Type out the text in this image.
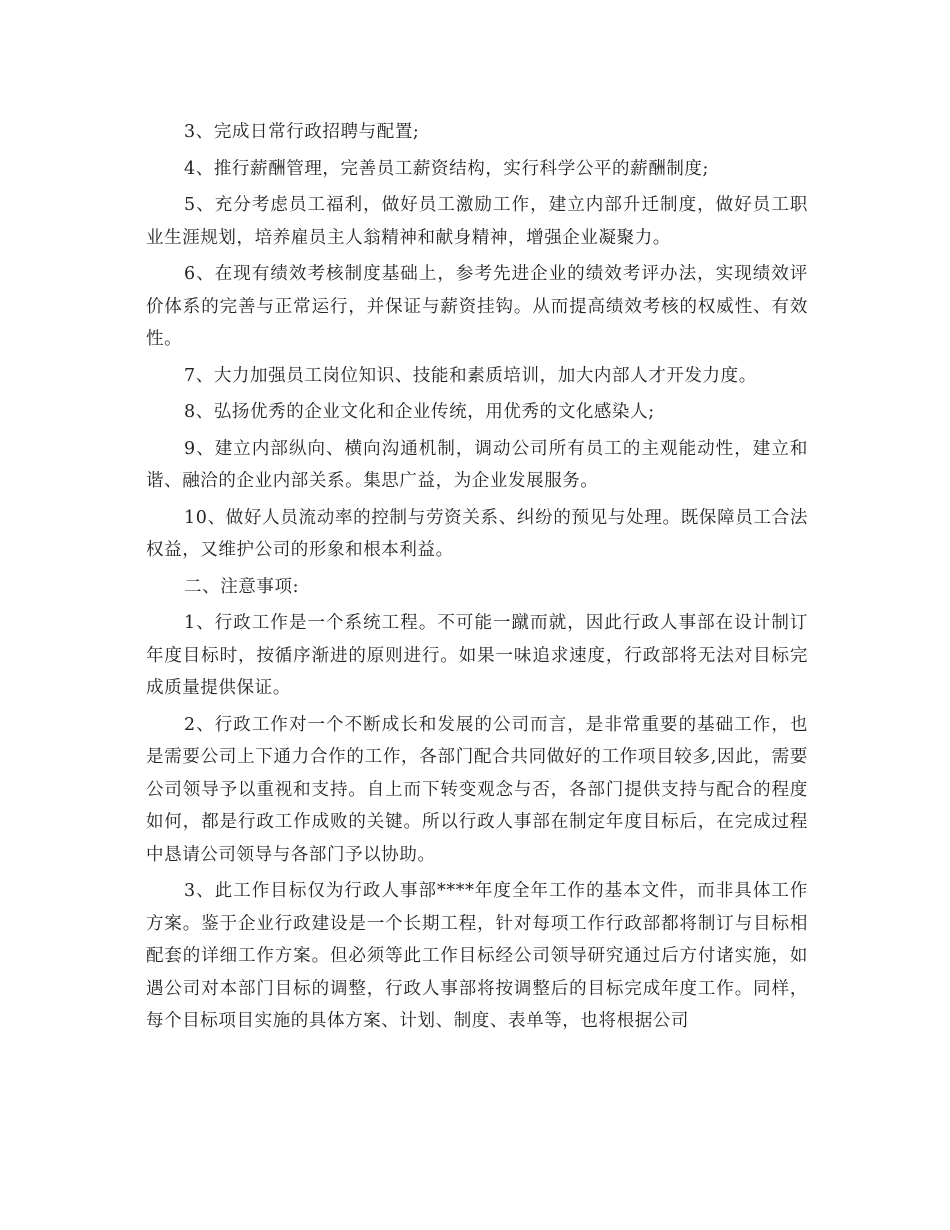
3、完成日常行政招聘与配置;

4、推行薪酬管理，完善员工薪资结构，实行科学公平的薪酬制度;

5、充分考虑员工福利，做好员工激励工作，建立内部升迁制度，做好员工职业生涯规划，培养雇员主人翁精神和献身精神，增强企业凝聚力。

6、在现有绩效考核制度基础上，参考先进企业的绩效考评办法，实现绩效评价体系的完善与正常运行，并保证与薪资挂钩。从而提高绩效考核的权威性、有效性。

7、大力加强员工岗位知识、技能和素质培训，加大内部人才开发力度。

8、弘扬优秀的企业文化和企业传统，用优秀的文化感染人;

9、建立内部纵向、横向沟通机制，调动公司所有员工的主观能动性，建立和谐、融洽的企业内部关系。集思广益，为企业发展服务。

10、做好人员流动率的控制与劳资关系、纠纷的预见与处理。既保障员工合法权益，又维护公司的形象和根本利益。

二、注意事项:

1、行政工作是一个系统工程。不可能一蹴而就，因此行政人事部在设计制订年度目标时，按循序渐进的原则进行。如果一味追求速度，行政部将无法对目标完成质量提供保证。

2、行政工作对一个不断成长和发展的公司而言，是非常重要的基础工作，也是需要公司上下通力合作的工作，各部门配合共同做好的工作项目较多,因此，需要公司领导予以重视和支持。自上而下转变观念与否，各部门提供支持与配合的程度如何，都是行政工作成败的关键。所以行政人事部在制定年度目标后，在完成过程中恳请公司领导与各部门予以协助。

3、此工作目标仅为行政人事部****年度全年工作的基本文件，而非具体工作方案。鉴于企业行政建设是一个长期工程，针对每项工作行政部都将制订与目标相配套的详细工作方案。但必须等此工作目标经公司领导研究通过后方付诸实施，如遇公司对本部门目标的调整，行政人事部将按调整后的目标完成年度工作。同样，每个目标项目实施的具体方案、计划、制度、表单等，也将根据公司
